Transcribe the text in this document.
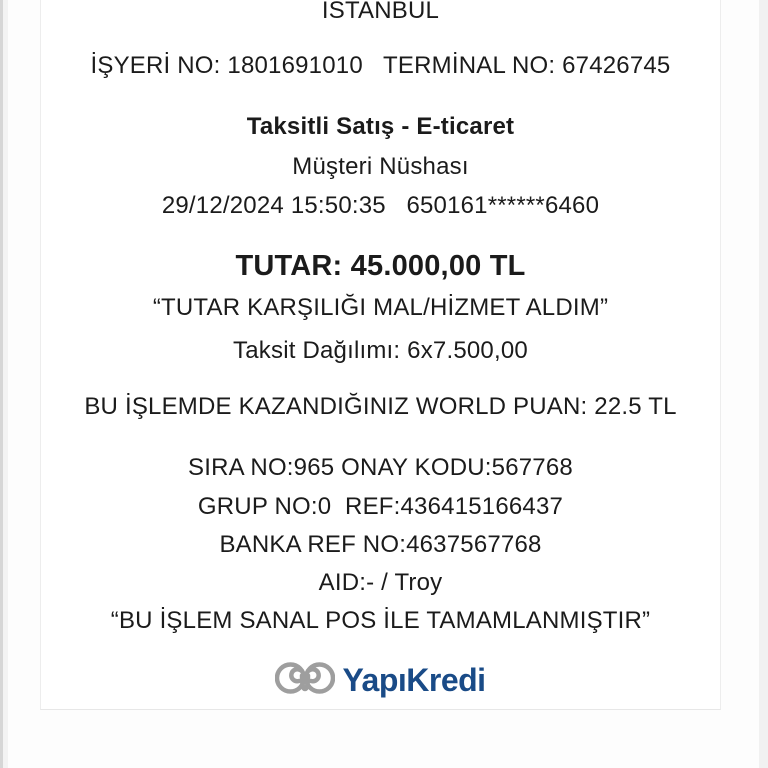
ISTANBUL
İŞYERİ NO: 1801691010   TERMİNAL NO: 67426745
Taksitli Satış - E-ticaret
Müşteri Nüshası
29/12/2024 15:50:35   650161******6460
TUTAR: 45.000,00 TL
“TUTAR KARŞILIĞI MAL/HİZMET ALDIM”
Taksit Dağılımı: 6x7.500,00
BU İŞLEMDE KAZANDIĞINIZ WORLD PUAN: 22.5 TL
SIRA NO:965 ONAY KODU:567768
GRUP NO:0  REF:436415166437
BANKA REF NO:4637567768
AID:- / Troy
“BU İŞLEM SANAL POS İLE TAMAMLANMIŞTIR”
YapıKredi
